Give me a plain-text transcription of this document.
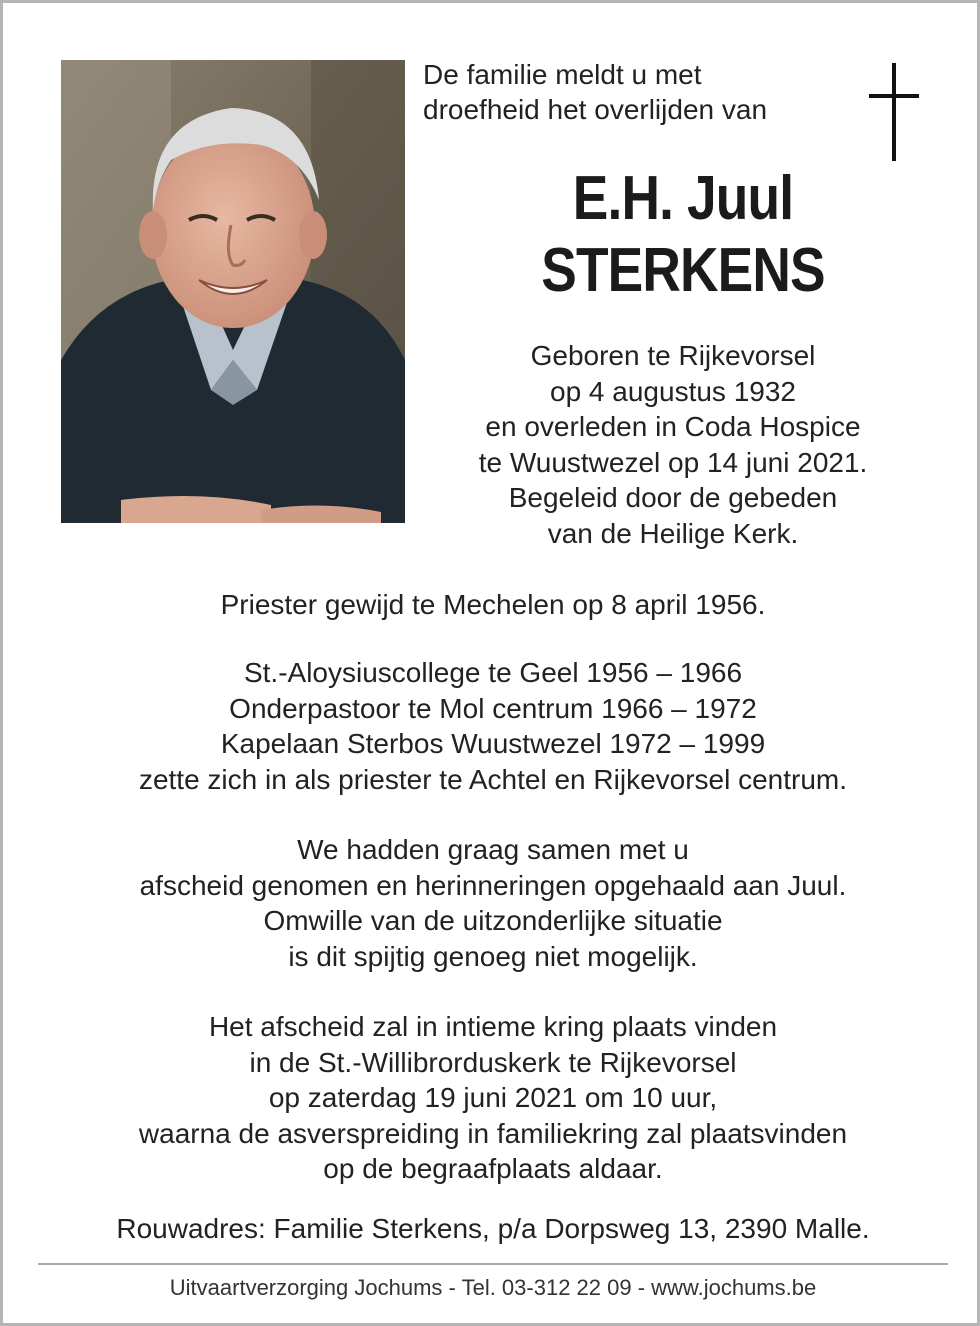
De familie meldt u met
droefheid het overlijden van
E.H. Juul
STERKENS
Geboren te Rijkevorsel
op 4 augustus 1932
en overleden in Coda Hospice
te Wuustwezel op 14 juni 2021.
Begeleid door de gebeden
van de Heilige Kerk.
Priester gewijd te Mechelen op 8 april 1956.
St.-Aloysiuscollege te Geel 1956 – 1966
Onderpastoor te Mol centrum 1966 – 1972
Kapelaan Sterbos Wuustwezel 1972 – 1999
zette zich in als priester te Achtel en Rijkevorsel centrum.
We hadden graag samen met u
afscheid genomen en herinneringen opgehaald aan Juul.
Omwille van de uitzonderlijke situatie
is dit spijtig genoeg niet mogelijk.
Het afscheid zal in intieme kring plaats vinden
in de St.-Willibrorduskerk te Rijkevorsel
op zaterdag 19 juni 2021 om 10 uur,
waarna de asverspreiding in familiekring zal plaatsvinden
op de begraafplaats aldaar.
Rouwadres: Familie Sterkens, p/a Dorpsweg 13, 2390 Malle.
Uitvaartverzorging Jochums - Tel. 03-312 22 09 - www.jochums.be
